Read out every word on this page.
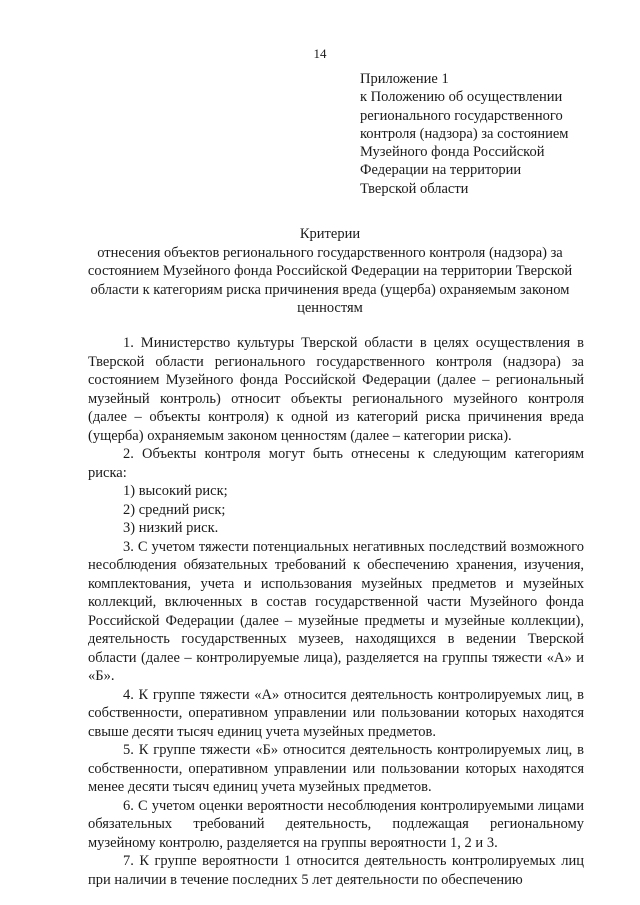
14
Приложение 1
к Положению об осуществлении
регионального государственного
контроля (надзора) за состоянием
Музейного фонда Российской
Федерации на территории
Тверской области
Критерии
отнесения объектов регионального государственного контроля (надзора) за
состоянием Музейного фонда Российской Федерации на территории Тверской
области к категориям риска причинения вреда (ущерба) охраняемым законом
ценностям

1. Министерство культуры Тверской области в целях осуществления в Тверской области регионального государственного контроля (надзора) за состоянием Музейного фонда Российской Федерации (далее – региональный музейный контроль) относит объекты регионального музейного контроля (далее – объекты контроля) к одной из категорий риска причинения вреда (ущерба) охраняемым законом ценностям (далее – категории риска).

2. Объекты контроля могут быть отнесены к следующим категориям риска:

1) высокий риск;

2) средний риск;

3) низкий риск.

3. С учетом тяжести потенциальных негативных последствий возможного несоблюдения обязательных требований к обеспечению хранения, изучения, комплектования, учета и использования музейных предметов и музейных коллекций, включенных в состав государственной части Музейного фонда Российской Федерации (далее – музейные предметы и музейные коллекции), деятельность государственных музеев, находящихся в ведении Тверской области (далее – контролируемые лица), разделяется на группы тяжести «А» и «Б».

4. К группе тяжести «А» относится деятельность контролируемых лиц, в собственности, оперативном управлении или пользовании которых находятся свыше десяти тысяч единиц учета музейных предметов.

5. К группе тяжести «Б» относится деятельность контролируемых лиц, в собственности, оперативном управлении или пользовании которых находятся менее десяти тысяч единиц учета музейных предметов.

6. С учетом оценки вероятности несоблюдения контролируемыми лицами обязательных требований деятельность, подлежащая региональному музейному контролю, разделяется на группы вероятности 1, 2 и 3.

7. К группе вероятности 1 относится деятельность контролируемых лиц при наличии в течение последних 5 лет деятельности по обеспечению
